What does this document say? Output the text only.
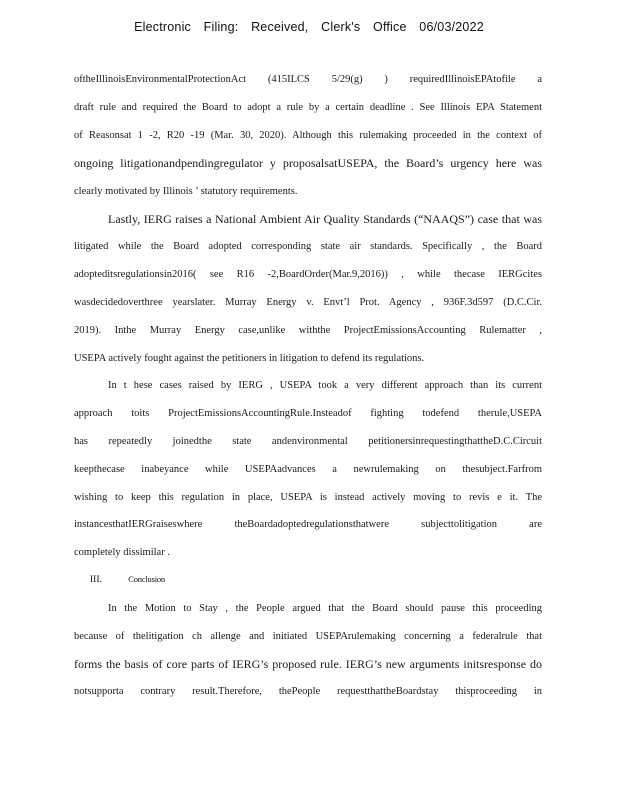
Electronic Filing: Received, Clerk's Office 06/03/2022
oftheIllinoisEnvironmentalProtectionAct (415ILCS 5/29(g) ) requiredIllinoisEPAtofile a
draft rule and required the Board to adopt a rule by a certain deadline . See Illinois EPA Statement
of Reasonsat 1 -2, R20 -19 (Mar. 30, 2020). Although this rulemaking proceeded in the context of
ongoing litigationandpendingregulator y proposalsatUSEPA, the Board’s urgency here was
clearly motivated by Illinois ’ statutory requirements.
Lastly, IERG raises a National Ambient Air Quality Standards (“NAAQS”) case that was
litigated while the Board adopted corresponding state air standards. Specifically , the Board
adopteditsregulationsin2016( see R16 -2,BoardOrder(Mar.9,2016)) , while thecase IERGcites
wasdecidedoverthree yearslater. Murray Energy v. Envt’l Prot. Agency , 936F.3d597 (D.C.Cir.
2019). Inthe Murray Energy case,unlike withthe ProjectEmissionsAccounting Rulematter ,
USEPA actively fought against the petitioners in litigation to defend its regulations.
In t hese cases raised by IERG , USEPA took a very different approach than its current
approach toits ProjectEmissionsAccountingRule.Insteadof fighting todefend therule,USEPA
has repeatedly joinedthe state andenvironmental petitionersinrequestingthattheD.C.Circuit
keepthecase inabeyance while USEPAadvances a newrulemaking on thesubject.Farfrom
wishing to keep this regulation in place, USEPA is instead actively moving to revis e it. The
instancesthatIERGraiseswhere theBoardadoptedregulationsthatwere subjecttolitigation are
completely dissimilar .
III.	Conclusion
In the Motion to Stay , the People argued that the Board should pause this proceeding
because of thelitigation ch allenge and initiated USEPArulemaking concerning a federalrule that
forms the basis of core parts of IERG’s proposed rule. IERG’s new arguments initsresponse do
notsupporta contrary result.Therefore, thePeople requestthattheBoardstay thisproceeding in
